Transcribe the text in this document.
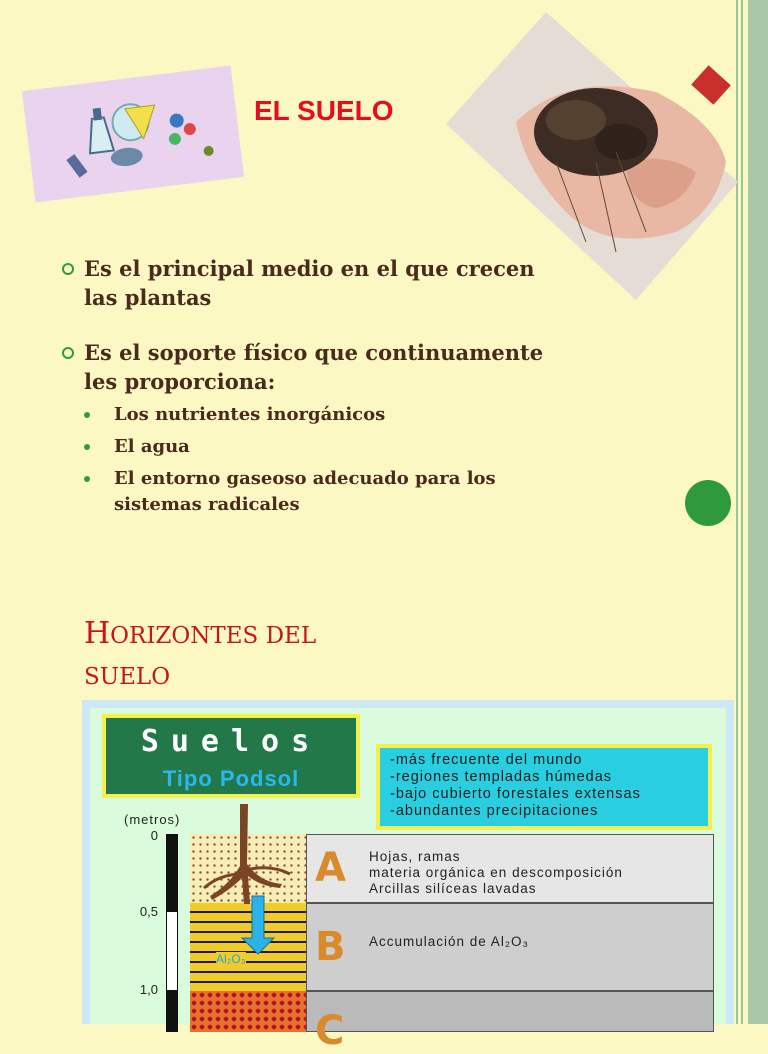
EL SUELO
Es el principal medio en el que crecen
las plantas
Es el soporte físico que continuamente
les proporciona:
Los nutrientes inorgánicos
El agua
El entorno gaseoso adecuado para los
sistemas radicales
HORIZONTES DEL
SUELO
Suelos
Tipo Podsol
-más frecuente del mundo
-regiones templadas húmedas
-bajo cubierto forestales extensas
-abundantes precipitaciones
(metros)
0
0,5
1,0
Al₂O₃
A Hojas, ramas
materia orgánica en descomposición
Arcillas silíceas lavadas
B Accumulación de Al₂O₃
C
